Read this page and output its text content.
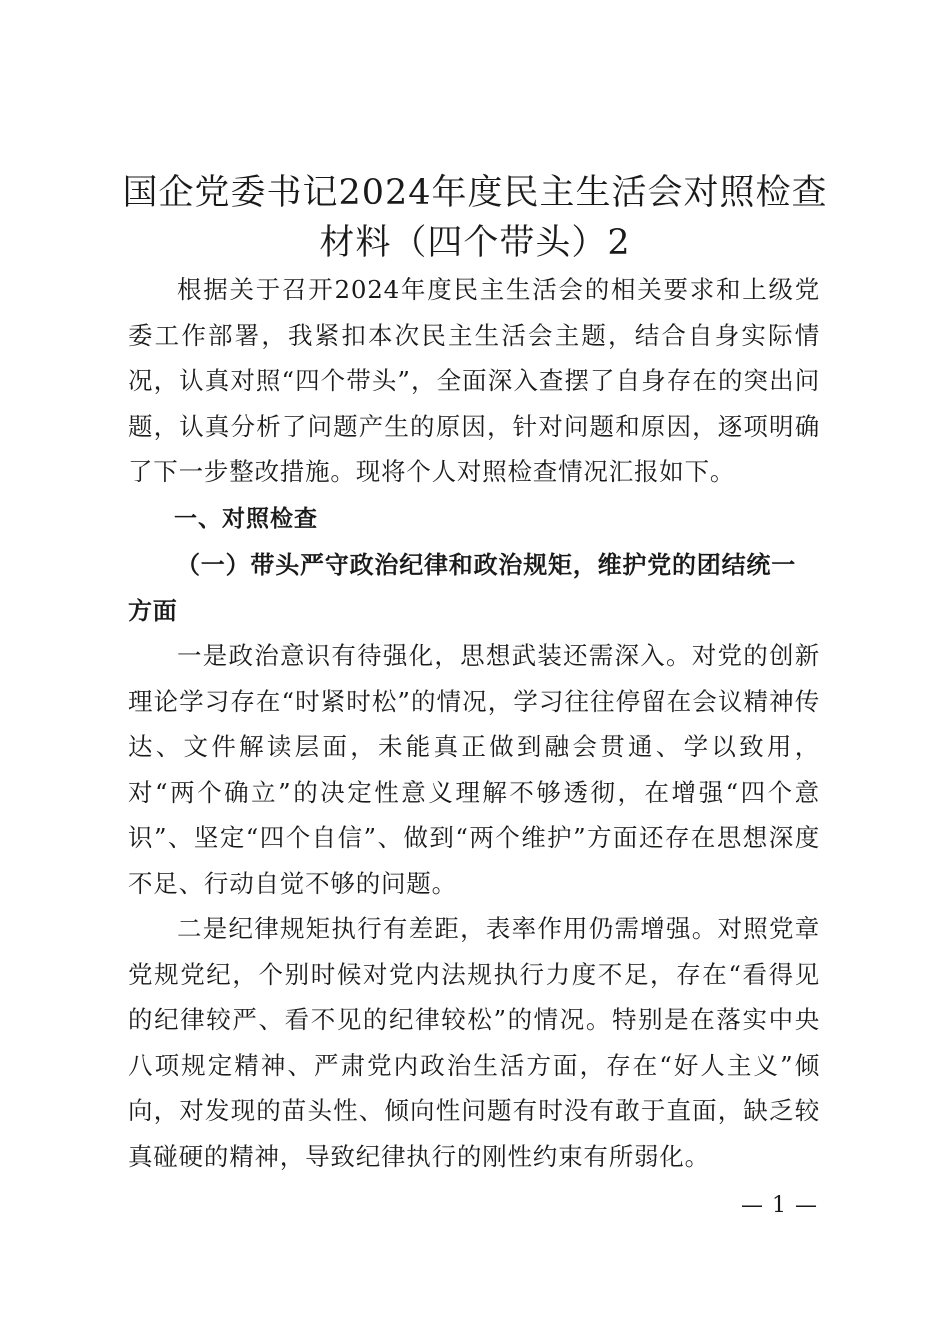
国企党委书记2024年度民主生活会对照检查材料（四个带头）2

根据关于召开2024年度民主生活会的相关要求和上级党委工作部署，我紧扣本次民主生活会主题，结合自身实际情况，认真对照“四个带头”，全面深入查摆了自身存在的突出问题，认真分析了问题产生的原因，针对问题和原因，逐项明确了下一步整改措施。现将个人对照检查情况汇报如下。

一、对照检查

（一）带头严守政治纪律和政治规矩，维护党的团结统一方面

一是政治意识有待强化，思想武装还需深入。对党的创新理论学习存在“时紧时松”的情况，学习往往停留在会议精神传达、文件解读层面，未能真正做到融会贯通、学以致用，对“两个确立”的决定性意义理解不够透彻，在增强“四个意识”、坚定“四个自信”、做到“两个维护”方面还存在思想深度不足、行动自觉不够的问题。

二是纪律规矩执行有差距，表率作用仍需增强。对照党章党规党纪，个别时候对党内法规执行力度不足，存在“看得见的纪律较严、看不见的纪律较松”的情况。特别是在落实中央八项规定精神、严肃党内政治生活方面，存在“好人主义”倾向，对发现的苗头性、倾向性问题有时没有敢于直面，缺乏较真碰硬的精神，导致纪律执行的刚性约束有所弱化。

— 1 —
